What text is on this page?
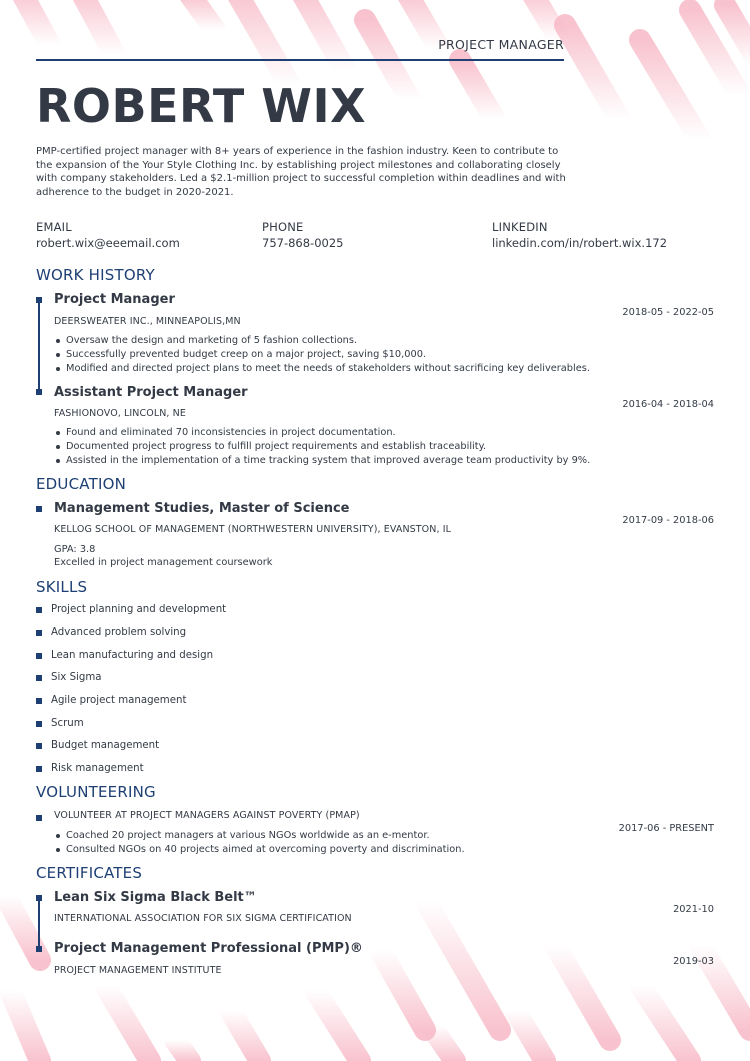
PROJECT MANAGER
ROBERT WIX
PMP-certified project manager with 8+ years of experience in the fashion industry. Keen to contribute to the expansion of the Your Style Clothing Inc. by establishing project milestones and collaborating closely with company stakeholders. Led a $2.1-million project to successful completion within deadlines and with adherence to the budget in 2020-2021.
EMAIL
robert.wix@eeemail.com
PHONE
757-868-0025
LINKEDIN
linkedin.com/in/robert.wix.172
WORK HISTORY
Project Manager
2018-05 - 2022-05
DEERSWEATER INC., MINNEAPOLIS,MN
Oversaw the design and marketing of 5 fashion collections.
Successfully prevented budget creep on a major project, saving $10,000.
Modified and directed project plans to meet the needs of stakeholders without sacrificing key deliverables.
Assistant Project Manager
2016-04 - 2018-04
FASHIONOVO, LINCOLN, NE
Found and eliminated 70 inconsistencies in project documentation.
Documented project progress to fulfill project requirements and establish traceability.
Assisted in the implementation of a time tracking system that improved average team productivity by 9%.
EDUCATION
Management Studies, Master of Science
2017-09 - 2018-06
KELLOG SCHOOL OF MANAGEMENT (NORTHWESTERN UNIVERSITY), EVANSTON, IL
GPA: 3.8
Excelled in project management coursework
SKILLS
Project planning and development
Advanced problem solving
Lean manufacturing and design
Six Sigma
Agile project management
Scrum
Budget management
Risk management
VOLUNTEERING
VOLUNTEER AT PROJECT MANAGERS AGAINST POVERTY (PMAP)
2017-06 - PRESENT
Coached 20 project managers at various NGOs worldwide as an e-mentor.
Consulted NGOs on 40 projects aimed at overcoming poverty and discrimination.
CERTIFICATES
Lean Six Sigma Black Belt™
2021-10
INTERNATIONAL ASSOCIATION FOR SIX SIGMA CERTIFICATION
Project Management Professional (PMP)®
2019-03
PROJECT MANAGEMENT INSTITUTE
